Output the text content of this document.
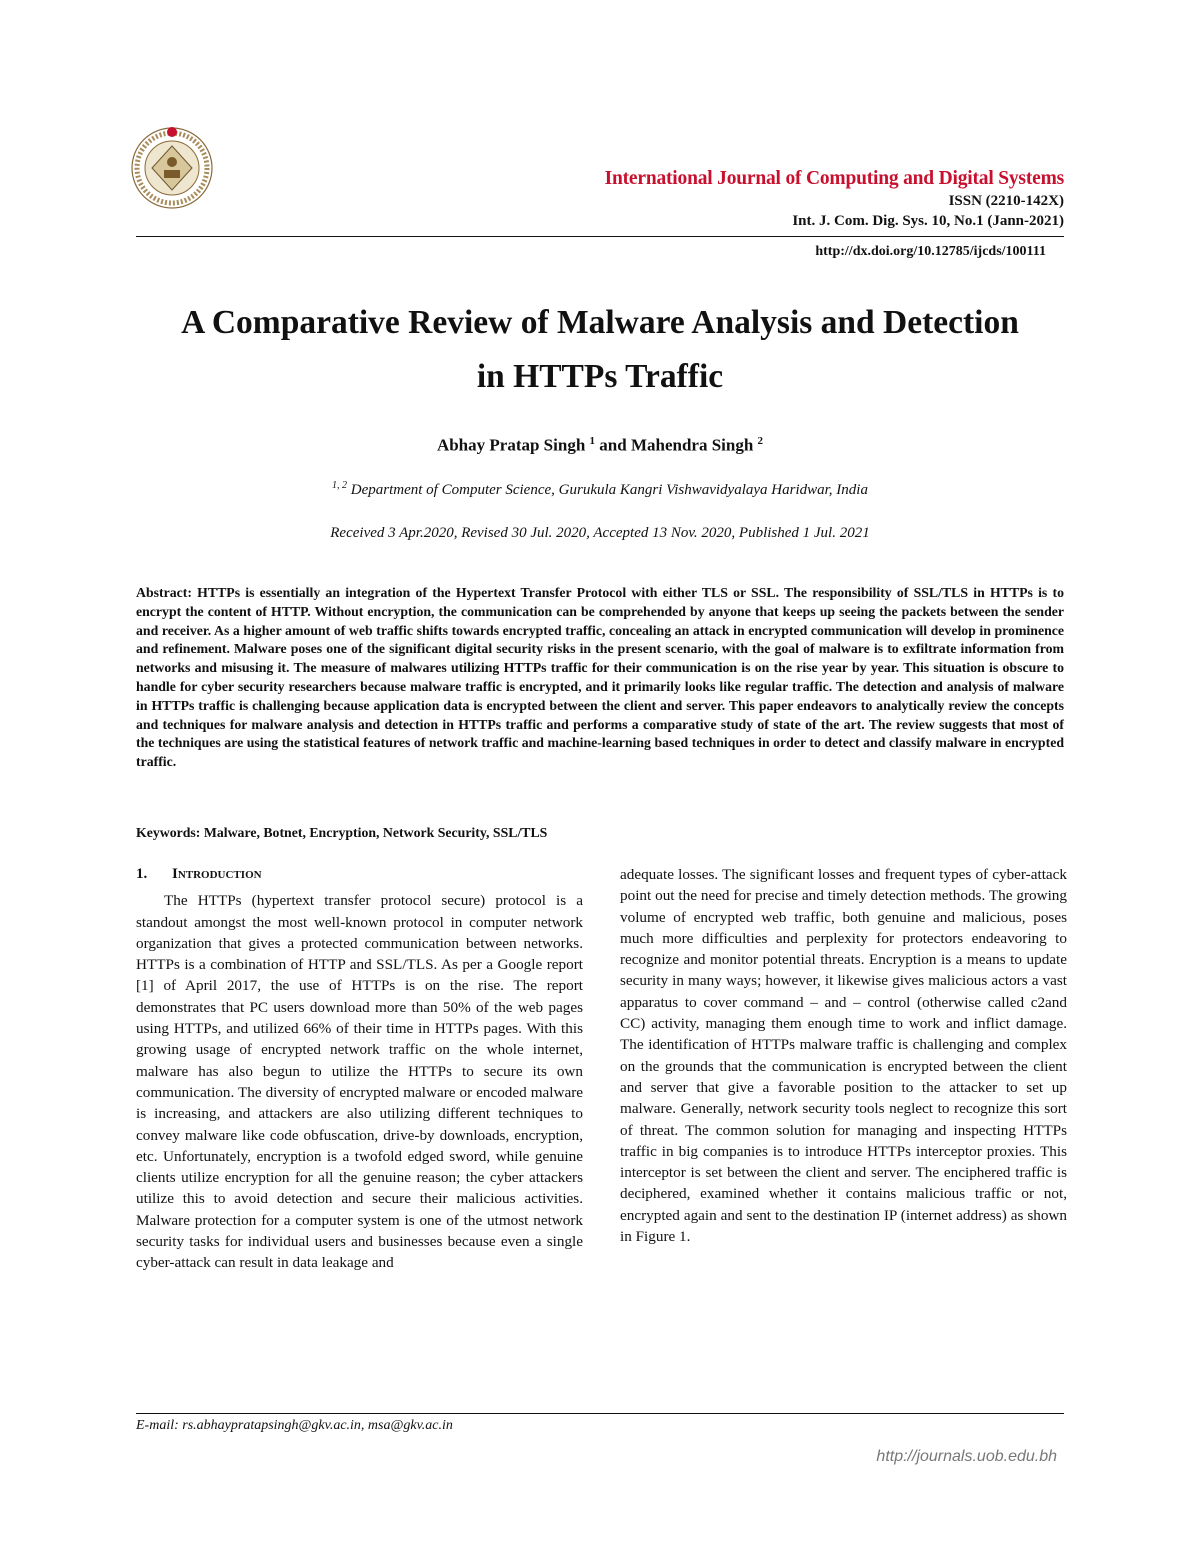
International Journal of Computing and Digital Systems
ISSN (2210-142X)
Int. J. Com. Dig. Sys. 10, No.1 (Jann-2021)
http://dx.doi.org/10.12785/ijcds/100111
A Comparative Review of Malware Analysis and Detection
in HTTPs Traffic
Abhay Pratap Singh $^1$ and Mahendra Singh $^2$
$^{1, 2}$ Department of Computer Science, Gurukula Kangri Vishwavidyalaya Haridwar, India
Received 3 Apr.2020, Revised 30 Jul. 2020, Accepted 13 Nov. 2020, Published 1 Jul. 2021
Abstract: HTTPs is essentially an integration of the Hypertext Transfer Protocol with either TLS or SSL. The responsibility of SSL/TLS in HTTPs is to encrypt the content of HTTP. Without encryption, the communication can be comprehended by anyone that keeps up seeing the packets between the sender and receiver. As a higher amount of web traffic shifts towards encrypted traffic, concealing an attack in encrypted communication will develop in prominence and refinement. Malware poses one of the significant digital security risks in the present scenario, with the goal of malware is to exfiltrate information from networks and misusing it. The measure of malwares utilizing HTTPs traffic for their communication is on the rise year by year. This situation is obscure to handle for cyber security researchers because malware traffic is encrypted, and it primarily looks like regular traffic. The detection and analysis of malware in HTTPs traffic is challenging because application data is encrypted between the client and server. This paper endeavors to analytically review the concepts and techniques for malware analysis and detection in HTTPs traffic and performs a comparative study of state of the art. The review suggests that most of the techniques are using the statistical features of network traffic and machine-learning based techniques in order to detect and classify malware in encrypted traffic.
Keywords: Malware, Botnet, Encryption, Network Security, SSL/TLS
1. Introduction

The HTTPs (hypertext transfer protocol secure) protocol is a standout amongst the most well-known protocol in computer network organization that gives a protected communication between networks. HTTPs is a combination of HTTP and SSL/TLS. As per a Google report [1] of April 2017, the use of HTTPs is on the rise. The report demonstrates that PC users download more than 50% of the web pages using HTTPs, and utilized 66% of their time in HTTPs pages. With this growing usage of encrypted network traffic on the whole internet, malware has also begun to utilize the HTTPs to secure its own communication. The diversity of encrypted malware or encoded malware is increasing, and attackers are also utilizing different techniques to convey malware like code obfuscation, drive-by downloads, encryption, etc. Unfortunately, encryption is a twofold edged sword, while genuine clients utilize encryption for all the genuine reason; the cyber attackers utilize this to avoid detection and secure their malicious activities. Malware protection for a computer system is one of the utmost network security tasks for individual users and businesses because even a single cyber-attack can result in data leakage and

adequate losses. The significant losses and frequent types of cyber-attack point out the need for precise and timely detection methods. The growing volume of encrypted web traffic, both genuine and malicious, poses much more difficulties and perplexity for protectors endeavoring to recognize and monitor potential threats. Encryption is a means to update security in many ways; however, it likewise gives malicious actors a vast apparatus to cover command – and – control (otherwise called c2and CC) activity, managing them enough time to work and inflict damage. The identification of HTTPs malware traffic is challenging and complex on the grounds that the communication is encrypted between the client and server that give a favorable position to the attacker to set up malware. Generally, network security tools neglect to recognize this sort of threat. The common solution for managing and inspecting HTTPs traffic in big companies is to introduce HTTPs interceptor proxies. This interceptor is set between the client and server. The enciphered traffic is deciphered, examined whether it contains malicious traffic or not, encrypted again and sent to the destination IP (internet address) as shown in Figure 1.

E-mail: rs.abhaypratapsingh@gkv.ac.in, msa@gkv.ac.in
http://journals.uob.edu.bh
